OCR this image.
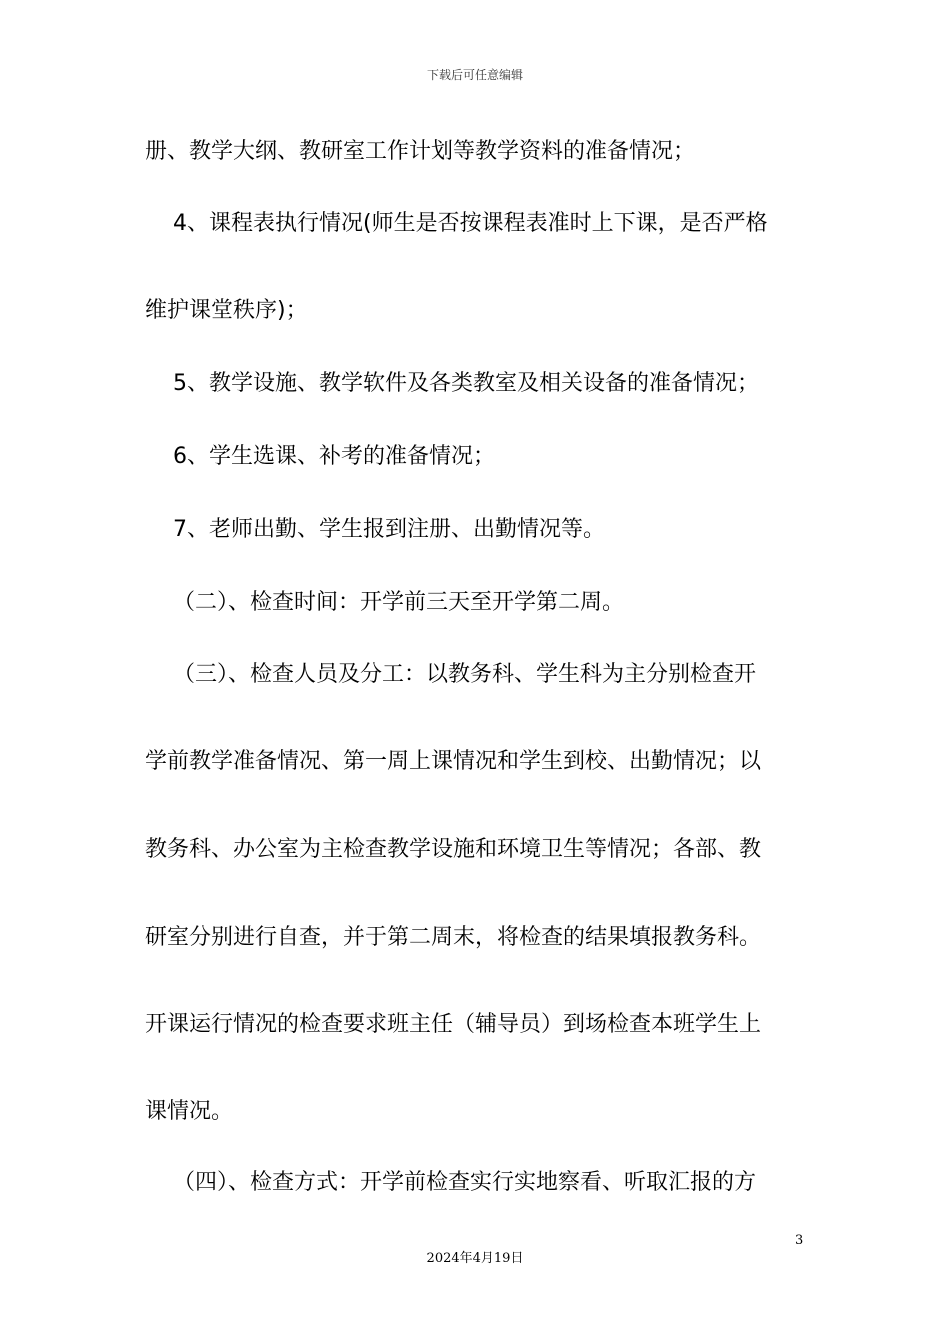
下载后可任意编辑
册、教学大纲、教研室工作计划等教学资料的准备情况；
4、课程表执行情况(师生是否按课程表准时上下课，是否严格
维护课堂秩序)；
5、教学设施、教学软件及各类教室及相关设备的准备情况；
6、学生选课、补考的准备情况；
7、老师出勤、学生报到注册、出勤情况等。
（二）、检查时间：开学前三天至开学第二周。
（三）、检查人员及分工：以教务科、学生科为主分别检查开
学前教学准备情况、第一周上课情况和学生到校、出勤情况；以
教务科、办公室为主检查教学设施和环境卫生等情况；各部、教
研室分别进行自查，并于第二周末，将检查的结果填报教务科。
开课运行情况的检查要求班主任（辅导员）到场检查本班学生上
课情况。
（四）、检查方式：开学前检查实行实地察看、听取汇报的方
3
2024年4月19日
